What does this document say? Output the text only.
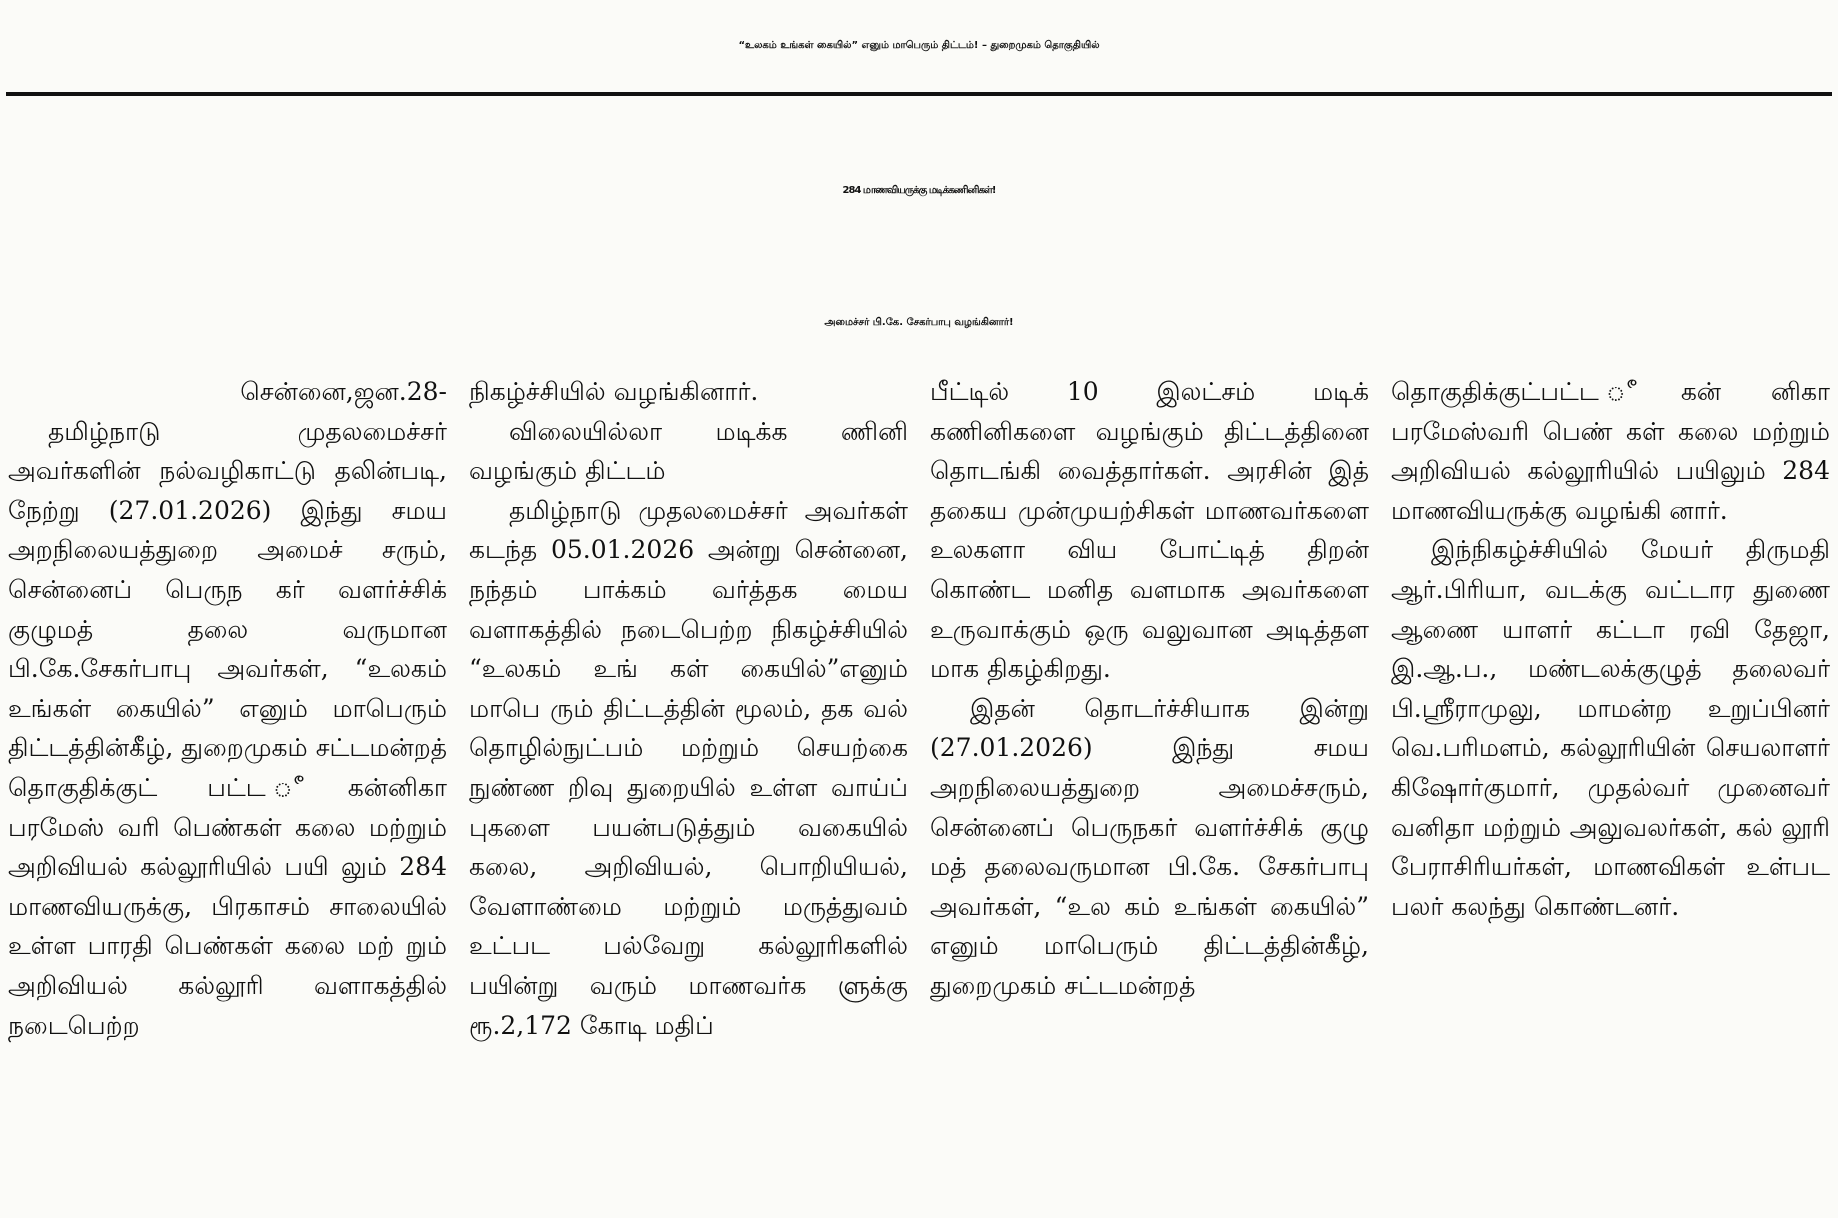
“உலகம் உங்கள் கையில்” எனும் மாபெரும் திட்டம்! – துறைமுகம் தொகுதியில்
284 மாணவியருக்கு மடிக்கணினிகள்!
அமைச்சர் பி.கே. சேகர்பாபு வழங்கினார்!

சென்னை,ஜன.28-

தமிழ்நாடு முதலமைச்சர் அவர்களின் நல்வழிகாட்டு தலின்படி, நேற்று (27.01.2026) இந்து சமய அறநிலையத்துறை அமைச் சரும், சென்னைப் பெருந கர் வளர்ச்சிக் குழுமத் தலை வருமான பி.கே.சேகர்பாபு அவர்கள், “உலகம் உங்கள் கையில்” எனும் மாபெரும் திட்டத்தின்கீழ், துறைமுகம் சட்டமன்றத் தொகுதிக்குட் பட்ட ீகன்னிகா பரமேஸ் வரி பெண்கள் கலை மற்றும் அறிவியல் கல்லூரியில் பயி லும் 284 மாணவியருக்கு, பிரகாசம் சாலையில் உள்ள பாரதி பெண்கள் கலை மற் றும் அறிவியல் கல்லூரி வளாகத்தில் நடைபெற்ற

நிகழ்ச்சியில் வழங்கினார்.

விலையில்லா மடிக்க ணினி வழங்கும் திட்டம்

தமிழ்நாடு முதலமைச்சர் அவர்கள் கடந்த 05.01.2026 அன்று சென்னை, நந்தம் பாக்கம் வர்த்தக மைய வளாகத்தில் நடைபெற்ற நிகழ்ச்சியில் “உலகம் உங் கள் கையில்”எனும் மாபெ ரும் திட்டத்தின் மூலம், தக வல் தொழில்நுட்பம் மற்றும் செயற்கை நுண்ண றிவு துறையில் உள்ள வாய்ப் புகளை பயன்படுத்தும் வகையில் கலை, அறிவியல், பொறியியல், வேளாண்மை மற்றும் மருத்துவம் உட்பட பல்வேறு கல்லூரிகளில் பயின்று வரும் மாணவர்க ளுக்கு ரூ.2,172 கோடி மதிப்

பீட்டில் 10 இலட்சம் மடிக் கணினிகளை வழங்கும் திட்டத்தினை தொடங்கி வைத்தார்கள். அரசின் இத் தகைய முன்முயற்சிகள் மாணவர்களை உலகளா விய போட்டித் திறன் கொண்ட மனித வளமாக அவர்களை உருவாக்கும் ஒரு வலுவான அடித்தள மாக திகழ்கிறது.

இதன் தொடர்ச்சியாக இன்று (27.01.2026) இந்து சமய அறநிலையத்துறை அமைச்சரும், சென்னைப் பெருநகர் வளர்ச்சிக் குழு மத் தலைவருமான பி.கே. சேகர்பாபு அவர்கள், “உல கம் உங்கள் கையில்” எனும் மாபெரும் திட்டத்தின்கீழ், துறைமுகம் சட்டமன்றத்

தொகுதிக்குட்பட்ட ீகன் னிகா பரமேஸ்வரி பெண் கள் கலை மற்றும் அறிவியல் கல்லூரியில் பயிலும் 284 மாணவியருக்கு வழங்கி னார்.

இந்நிகழ்ச்சியில் மேயர் திருமதி ஆர்.பிரியா, வடக்கு வட்டார துணை ஆணை யாளர் கட்டா ரவி தேஜா, இ.ஆ.ப., மண்டலக்குழுத் தலைவர் பி.ஸ்ரீராமுலு, மாமன்ற உறுப்பினர் வெ.பரிமளம், கல்லூரியின் செயலாளர் கிஷோர்குமார், முதல்வர் முனைவர் வனிதா மற்றும் அலுவலர்கள், கல் லூரி பேராசிரியர்கள், மாணவிகள் உள்பட பலர் கலந்து கொண்டனர்.
